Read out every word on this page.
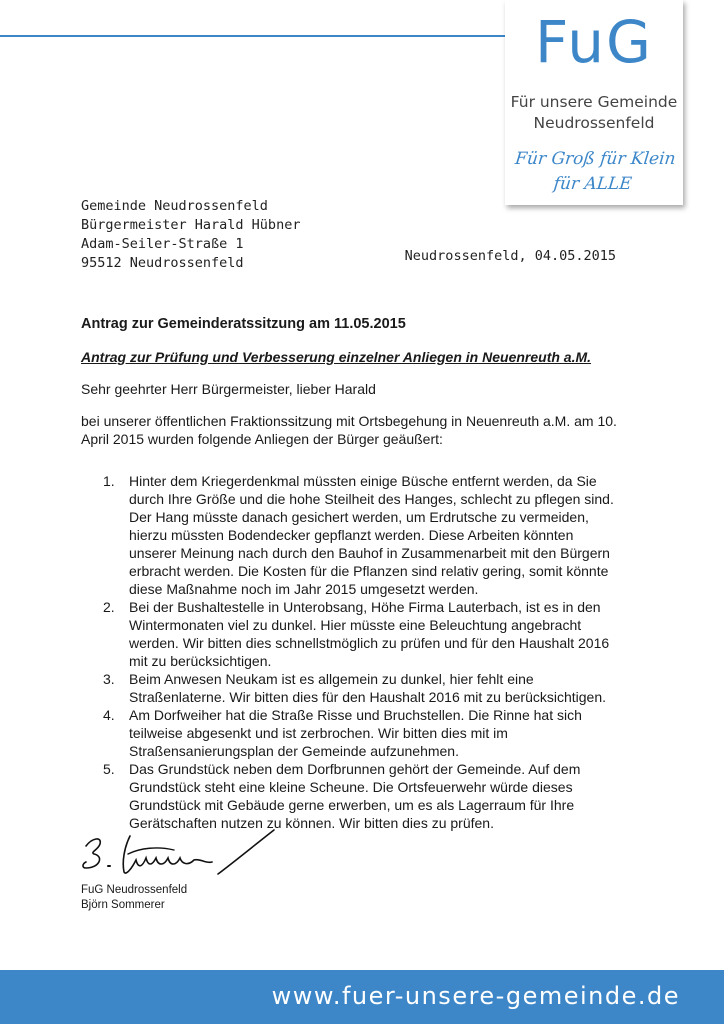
FuG
Für unsere Gemeinde
Neudrossenfeld
Für Groß für Klein
für ALLE
Gemeinde Neudrossenfeld
Bürgermeister Harald Hübner
Adam-Seiler-Straße 1
95512 Neudrossenfeld	Neudrossenfeld, 04.05.2015
Antrag zur Gemeinderatssitzung am 11.05.2015
Antrag zur Prüfung und Verbesserung einzelner Anliegen in Neuenreuth a.M.
Sehr geehrter Herr Bürgermeister, lieber Harald
bei unserer öffentlichen Fraktionssitzung mit Ortsbegehung in Neuenreuth a.M. am 10. April 2015 wurden folgende Anliegen der Bürger geäußert:
1. Hinter dem Kriegerdenkmal müssten einige Büsche entfernt werden, da Sie durch Ihre Größe und die hohe Steilheit des Hanges, schlecht zu pflegen sind. Der Hang müsste danach gesichert werden, um Erdrutsche zu vermeiden, hierzu müssten Bodendecker gepflanzt werden. Diese Arbeiten könnten unserer Meinung nach durch den Bauhof in Zusammenarbeit mit den Bürgern erbracht werden. Die Kosten für die Pflanzen sind relativ gering, somit könnte diese Maßnahme noch im Jahr 2015 umgesetzt werden.
2. Bei der Bushaltestelle in Unterobsang, Höhe Firma Lauterbach, ist es in den Wintermonaten viel zu dunkel. Hier müsste eine Beleuchtung angebracht werden. Wir bitten dies schnellstmöglich zu prüfen und für den Haushalt 2016 mit zu berücksichtigen.
3. Beim Anwesen Neukam ist es allgemein zu dunkel, hier fehlt eine Straßenlaterne. Wir bitten dies für den Haushalt 2016 mit zu berücksichtigen.
4. Am Dorfweiher hat die Straße Risse und Bruchstellen. Die Rinne hat sich teilweise abgesenkt und ist zerbrochen. Wir bitten dies mit im Straßensanierungsplan der Gemeinde aufzunehmen.
5. Das Grundstück neben dem Dorfbrunnen gehört der Gemeinde. Auf dem Grundstück steht eine kleine Scheune. Die Ortsfeuerwehr würde dieses Grundstück mit Gebäude gerne erwerben, um es als Lagerraum für Ihre Gerätschaften nutzen zu können. Wir bitten dies zu prüfen.
FuG Neudrossenfeld
Björn Sommerer
www.fuer-unsere-gemeinde.de
